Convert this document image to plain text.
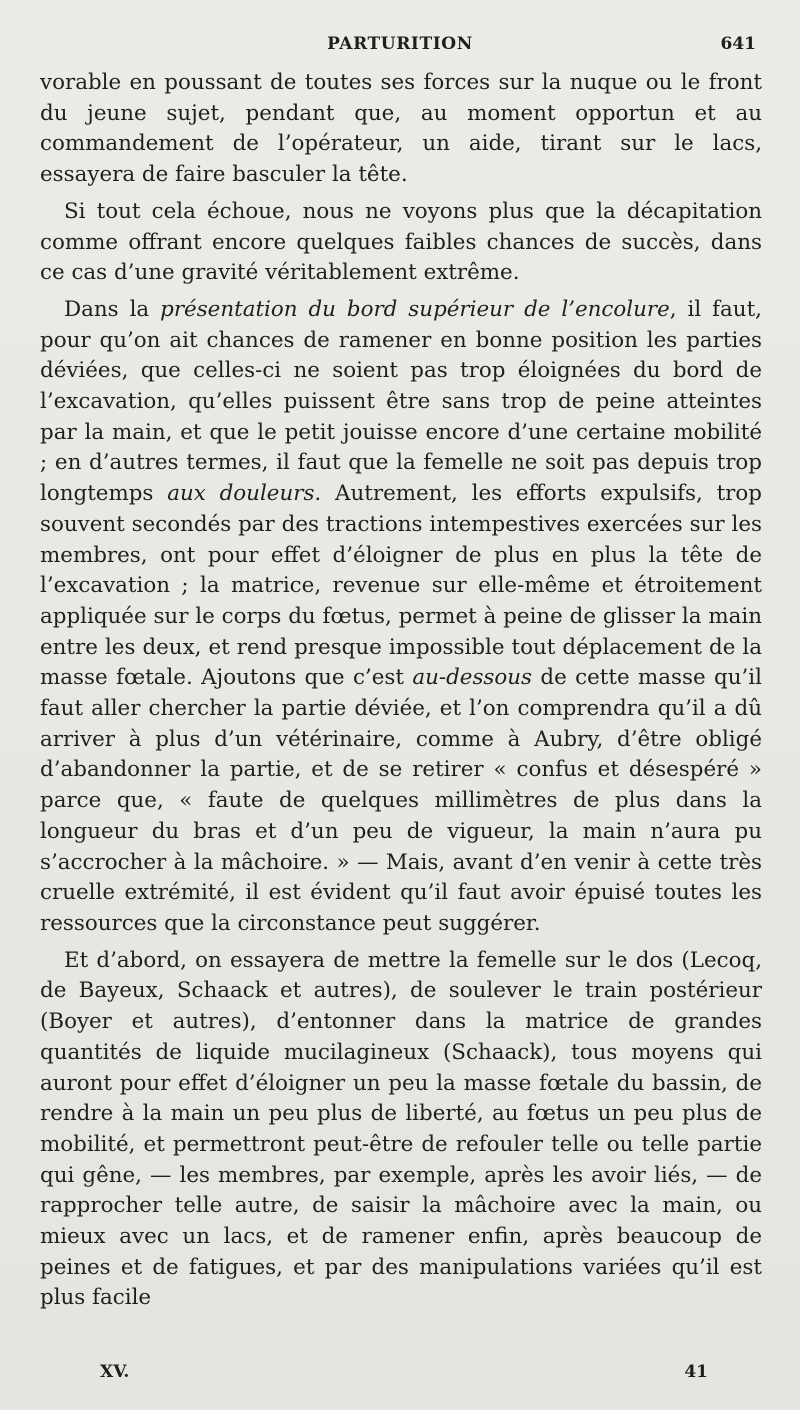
PARTURITION	641

vorable en poussant de toutes ses forces sur la nuque ou le front du jeune sujet, pendant que, au moment opportun et au commandement de l’opérateur, un aide, tirant sur le lacs, essayera de faire basculer la tête.

Si tout cela échoue, nous ne voyons plus que la décapitation comme offrant encore quelques faibles chances de succès, dans ce cas d’une gravité véritablement extrême.

Dans la présentation du bord supérieur de l’encolure, il faut, pour qu’on ait chances de ramener en bonne position les parties déviées, que celles-ci ne soient pas trop éloignées du bord de l’excavation, qu’elles puissent être sans trop de peine atteintes par la main, et que le petit jouisse encore d’une certaine mobilité ; en d’autres termes, il faut que la femelle ne soit pas depuis trop longtemps aux douleurs. Autrement, les efforts expulsifs, trop souvent secondés par des tractions intempestives exercées sur les membres, ont pour effet d’éloigner de plus en plus la tête de l’excavation ; la matrice, revenue sur elle-même et étroitement appliquée sur le corps du fœtus, permet à peine de glisser la main entre les deux, et rend presque impossible tout déplacement de la masse fœtale. Ajoutons que c’est au-dessous de cette masse qu’il faut aller chercher la partie déviée, et l’on comprendra qu’il a dû arriver à plus d’un vétérinaire, comme à Aubry, d’être obligé d’abandonner la partie, et de se retirer « confus et désespéré » parce que, « faute de quelques millimètres de plus dans la longueur du bras et d’un peu de vigueur, la main n’aura pu s’accrocher à la mâchoire. » — Mais, avant d’en venir à cette très cruelle extrémité, il est évident qu’il faut avoir épuisé toutes les ressources que la circonstance peut suggérer.

Et d’abord, on essayera de mettre la femelle sur le dos (Lecoq, de Bayeux, Schaack et autres), de soulever le train postérieur (Boyer et autres), d’entonner dans la matrice de grandes quantités de liquide mucilagineux (Schaack), tous moyens qui auront pour effet d’éloigner un peu la masse fœtale du bassin, de rendre à la main un peu plus de liberté, au fœtus un peu plus de mobilité, et permettront peut-être de refouler telle ou telle partie qui gêne, — les membres, par exemple, après les avoir liés, — de rapprocher telle autre, de saisir la mâchoire avec la main, ou mieux avec un lacs, et de ramener enfin, après beaucoup de peines et de fatigues, et par des manipulations variées qu’il est plus facile

XV.	41
